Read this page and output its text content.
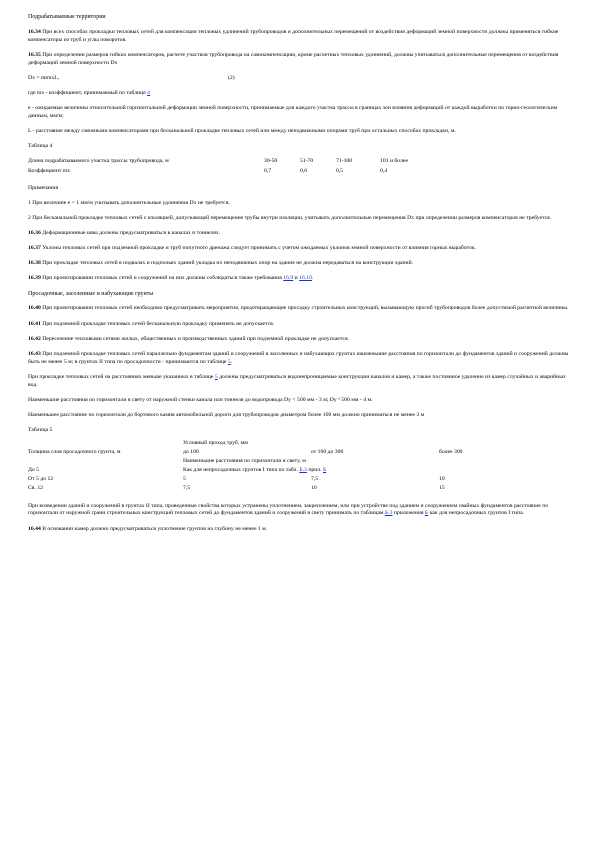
Подрабатываемые территории

16.34 При всех способах прокладки тепловых сетей для компенсации тепловых удлинений трубопроводов и дополнительных перемещений от воздействия деформаций земной поверхности должны применяться гибкие компенсаторы из труб и углы поворотов.

16.35 При определении размеров гибких компенсаторов, расчете участков трубопровода на самокомпенсацию, кроме расчетных тепловых удлинений, должны учитываться дополнительные перемещения от воздействия деформаций земной поверхности Dx

Dx = mtmxL,	(2)

где mx - коэффициент, принимаемый по таблице 4

e - ожидаемые величины относительной горизонтальной деформации земной поверхности, принимаемые для каждого участка трассы в границах зон влияния деформаций от каждой выработки по горно-геологическим данным, мм/м;

L - расстояние между смежными компенсаторами при бесканальной прокладке тепловых сетей или между неподвижными опорами труб при остальных способах прокладки, м.

Таблица 4

Длина подрабатываемого участка трассы трубопровода, м	30-50	51-70	71-100	101 и более
Коэффициент mx	0,7	0,6	0,5	0,4

Примечания

1 При величине e < 1 мм/м учитывать дополнительные удлинения Dx не требуется.

2 При бесканальной прокладке тепловых сетей с изоляцией, допускающей перемещение трубы внутри изоляции, учитывать дополнительные перемещения Dx при определении размеров компенсаторов не требуется.

16.36 Деформационные швы должны предусматриваться в каналах и тоннелях.

16.37 Уклоны тепловых сетей при подземной прокладке и труб попутного дренажа следует принимать с учетом ожидаемых уклонов земной поверхности от влияния горных выработок.

16.38 При прокладке тепловых сетей в подвалах и подпольях зданий укладка их неподвижных опор на здание не должна передаваться на конструкции зданий.

16.39 При проектировании тепловых сетей и сооружений на них должны соблюдаться также требования 16.9 и 16.10.

Просадочные, засоленные и набухающие грунты

16.40 При проектировании тепловых сетей необходимо предусматривать мероприятия, предотвращающие просадку строительных конструкций, вызывающую прогиб трубопроводов более допустимой расчетной величины.

16.41 При подземной прокладке тепловых сетей бесканальную прокладку применять не допускается.

16.42 Пересечение тепловыми сетями жилых, общественных и производственных зданий при подземной прокладке не допускается.

16.43 При подземной прокладке тепловых сетей параллельно фундаментам зданий и сооружений в засоленных и набухающих грунтах наименьшие расстояния по горизонтали до фундаментов зданий и сооружений должны быть не менее 5 м; в грунтах II типа по просадочности - принимаются по таблице 5.

При прокладке тепловых сетей на расстояниях меньше указанных в таблице 5 должны предусматриваться водонепроницаемые конструкции каналов и камер, а также постоянное удаление из камер случайных и аварийных вод.

Наименьшие расстояния по горизонтали в свету от наружной стенки канала или тоннеля до водопровода Dy < 500 мм - 3 м; Dy ³ 500 мм - 4 м.

Наименьшее расстояние по горизонтали до бортового камня автомобильной дороги для трубопроводов диаметром более 100 мм должно приниматься не менее 3 м

Таблица 5

	Условный проход труб, мм		
Толщина слоя просадочного грунта, м	до 100	от 100 до 300	более 300
	Наименьшие расстояния по горизонтали в свету, м		
До 5	Как для непросадочных грунтов I типа по табл. Б.3 прил. Б		
От 5 до 12	5	7,5	10
Св. 12	7,5	10	15

При возведении зданий и сооружений в грунтах II типа, проведенные свойства которых устранены уплотнением, закреплением, или при устройстве под зданием и сооружением свайных фундаментов расстояние по горизонтали от наружной грани строительных конструкций тепловых сетей до фундаментов зданий и сооружений в свету принимать по таблицам Б.3 приложения Б как для непросадочных грунтов I типа.

16.44 В основании камер должно предусматриваться уплотнение грунтов на глубину не менее 1 м.
